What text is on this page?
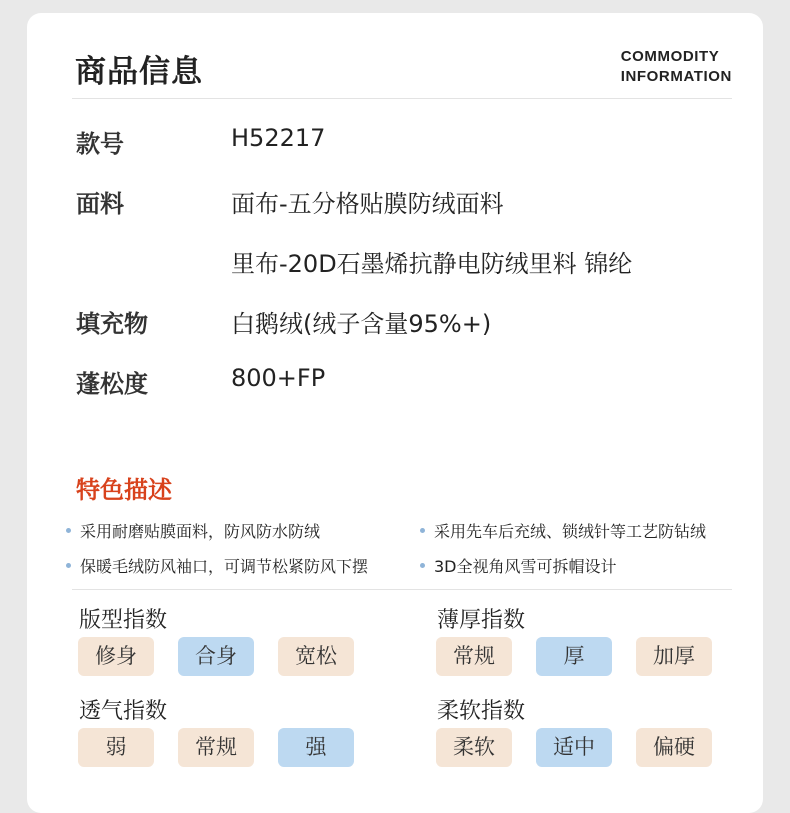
商品信息	COMMODITY
INFORMATION
款号	H52217
面料	面布-五分格贴膜防绒面料
里布-20D石墨烯抗静电防绒里料 锦纶
填充物	白鹅绒(绒子含量95%+)
蓬松度	800+FP
特色描述
采用耐磨贴膜面料，防风防水防绒	采用先车后充绒、锁绒针等工艺防钻绒
保暖毛绒防风袖口，可调节松紧防风下摆	3D全视角风雪可拆帽设计
版型指数
修身	合身	宽松
薄厚指数
常规	厚	加厚
透气指数
弱	常规	强
柔软指数
柔软	适中	偏硬
